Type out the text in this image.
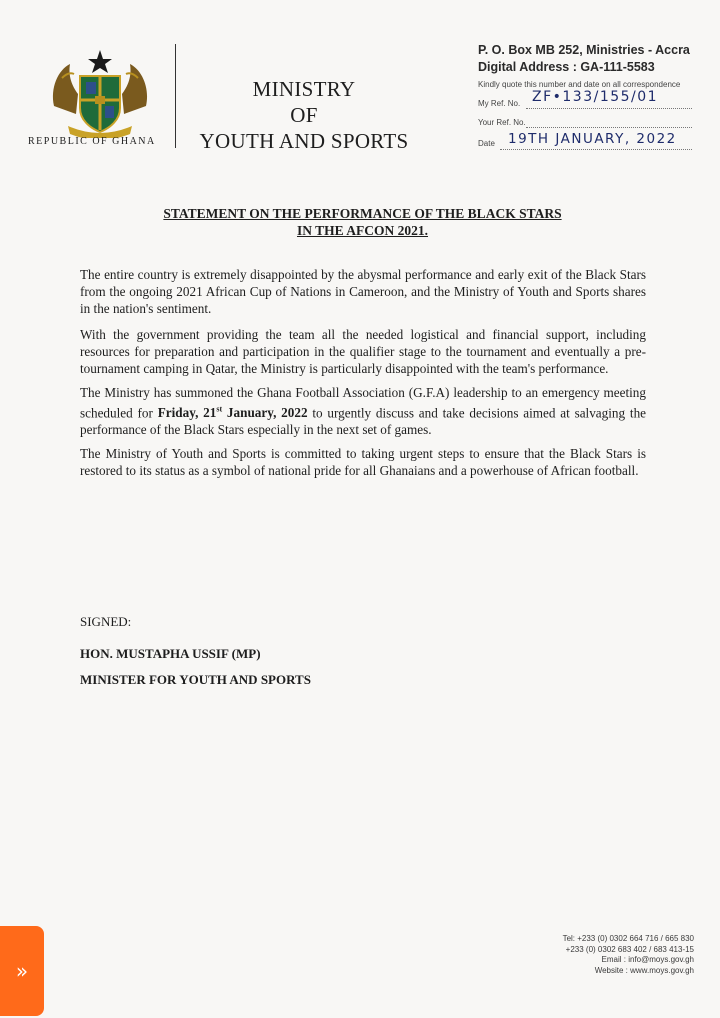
REPUBLIC OF GHANA
MINISTRY
OF
YOUTH AND SPORTS
P. O. Box MB 252, Ministries - Accra
Digital Address : GA-111-5583
Kindly quote this number and date on all correspondence
My Ref. No. ZF•133/155/01
Your Ref. No.
Date 19TH JANUARY, 2022
STATEMENT ON THE PERFORMANCE OF THE BLACK STARS
IN THE AFCON 2021.

The entire country is extremely disappointed by the abysmal performance and early exit of the Black Stars from the ongoing 2021 African Cup of Nations in Cameroon, and the Ministry of Youth and Sports shares in the nation's sentiment.

With the government providing the team all the needed logistical and financial support, including resources for preparation and participation in the qualifier stage to the tournament and eventually a pre-tournament camping in Qatar, the Ministry is particularly disappointed with the team's performance.

The Ministry has summoned the Ghana Football Association (G.F.A) leadership to an emergency meeting scheduled for Friday, 21st January, 2022 to urgently discuss and take decisions aimed at salvaging the performance of the Black Stars especially in the next set of games.

The Ministry of Youth and Sports is committed to taking urgent steps to ensure that the Black Stars is restored to its status as a symbol of national pride for all Ghanaians and a powerhouse of African football.

SIGNED:
HON. MUSTAPHA USSIF (MP)
MINISTER FOR YOUTH AND SPORTS
Tel: +233 (0) 0302 664 716 / 665 830
+233 (0) 0302 683 402 / 683 413-15
Email : info@moys.gov.gh
Website : www.moys.gov.gh
»
